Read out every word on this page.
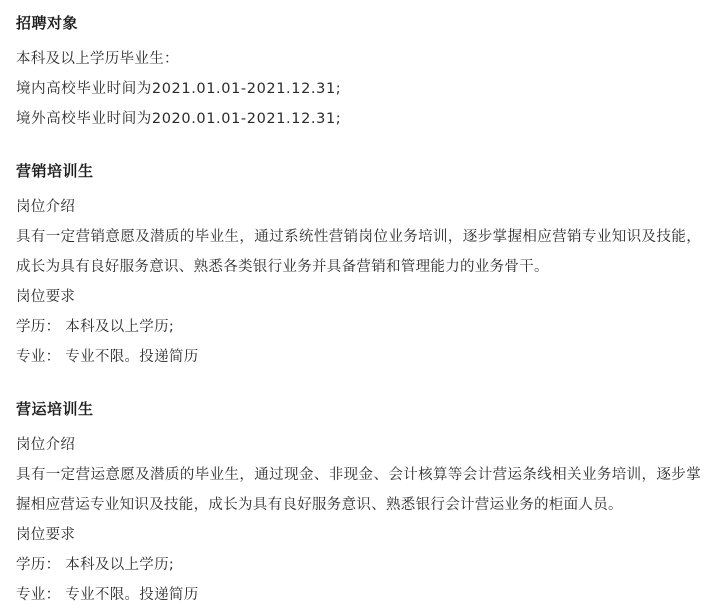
招聘对象
本科及以上学历毕业生：
境内高校毕业时间为2021.01.01-2021.12.31;
境外高校毕业时间为2020.01.01-2021.12.31;
营销培训生
岗位介绍
具有一定营销意愿及潜质的毕业生，通过系统性营销岗位业务培训，逐步掌握相应营销专业知识及技能，成长为具有良好服务意识、熟悉各类银行业务并具备营销和管理能力的业务骨干。
岗位要求
学历： 本科及以上学历;
专业： 专业不限。投递简历
营运培训生
岗位介绍
具有一定营运意愿及潜质的毕业生，通过现金、非现金、会计核算等会计营运条线相关业务培训，逐步掌握相应营运专业知识及技能，成长为具有良好服务意识、熟悉银行会计营运业务的柜面人员。
岗位要求
学历： 本科及以上学历;
专业： 专业不限。投递简历
